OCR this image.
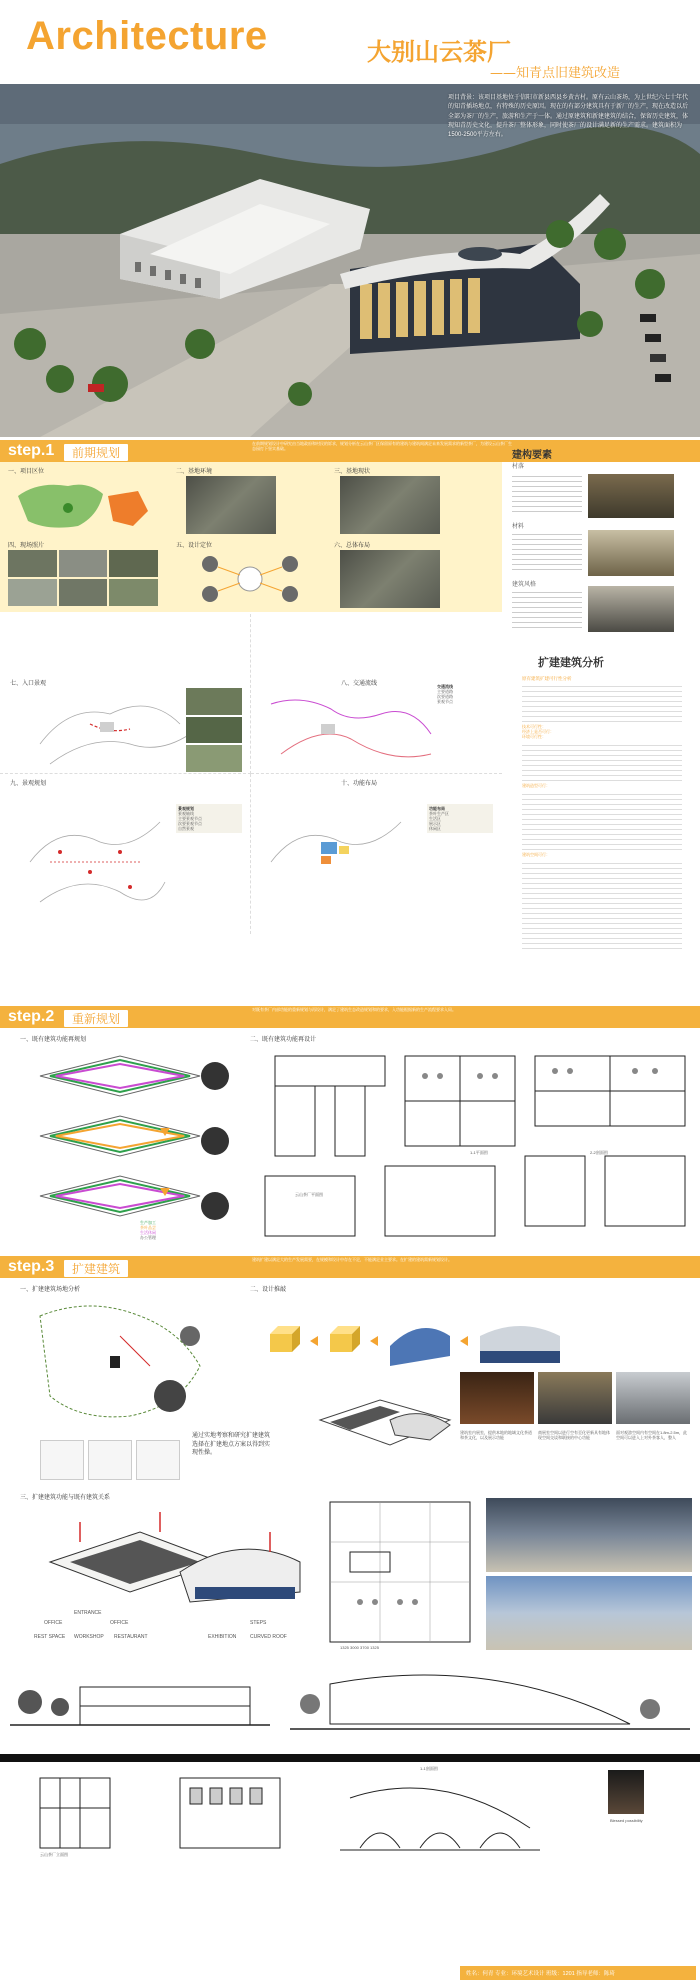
Architecture	大别山云茶厂
——知青点旧建筑改造
项目背景：该项目基地位于信阳市新县西县乡黄古村。原有云山茶场，为上世纪六七十年代的知青插场地点，有特殊的历史原因。现在的有部分建筑具有于新厂的生产，现在改造以后全部为茶厂的生产，旅游和生产于一体。通过原建筑和新建建筑的结合，保留历史建筑，体现知青历史文化，提升茶厂整体形象，同时使茶厂的设计满足新的生产需求。建筑面积为1500-2500平方左右。
step.1	前期规划
在前期规划设计中研究由当地政府和村民的诉求，规划分析在云山茶厂区保留原有的建筑与建筑间满足未来发展需求的新型茶厂，为建设云山茶厂生态园打下坚实基础。
一、项目区位	二、基地环境	三、基地现状
四、现场照片	五、设计定位	六、总体布局
七、入口景观	八、交通流线	交通流线
主要道路
次要道路
景观节点
九、景观规划
景观规划
景观轴线
主要景观节点
次要景观节点
自然景观
十、功能布局
功能布局
茶叶生产区
生活区
展示区
休闲区
建构要素
村落
材料
建筑风格
扩建建筑分析
原有建筑扩建可行性分析
技术可行性：
经济上是否可行：
环境可行性：
建筑造型可行：
建筑空间可行：
step.2	重新规划
对既有茶厂内部功能的重新规划与再设计，满足了建筑生态改造规划和的要求，入功能根据新的生产流程要求入局。
一、既有建筑功能再规划	二、既有建筑功能再设计
生产加工
茶叶品尝
生活休闲
办公管理
云山茶厂平面图
1-1平面图	2-2剖面图
step.3	扩建建筑
建筑扩建以满足大的生产发展需要，在规模和设计中存在不足，不能满足业主要求。在扩建的建筑需新规划设计。
一、扩建建筑场地分析	二、设计推敲
通过实地考察和研究扩建建筑选择在扩建地点方案以得到实现性操。
建筑室内展室，提供本地的地域文化茶道和茶文化，以及展示功能
商展室空间以进行空有至化更新具有地体现空间交谈和联接的中心功能
面对观游空间内有空间在1.8m-2.5m，此空间可以进入上对外茶客人，整人
三、扩建建筑功能与既有建筑关系
OFFICE
ENTRANCE
OFFICE
REST SPACE WORKSHOP RESTAURANT
STEPS
EXHIBITION	CURVED ROOF
1325 3000 3700 1325
1-1剖面图
Blessed possibility
云山茶厂立面图
姓名：何青 专业：环境艺术设计 班级：1201 指导老师：陈琦
